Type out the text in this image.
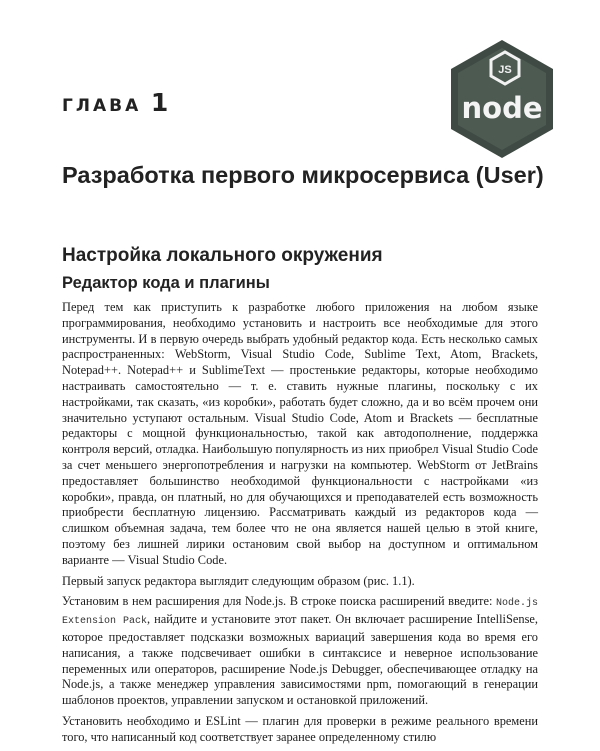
ГЛАВА 1
JS
node
Разработка первого микросервиса (User)
Настройка локального окружения
Редактор кода и плагины

Перед тем как приступить к разработке любого приложения на любом языке программирования, необходимо установить и настроить все необходимые для этого инструменты. И в первую очередь выбрать удобный редактор кода. Есть несколько самых распространенных: WebStorm, Visual Studio Code, Sublime Text, Atom, Brackets, Notepad++. Notepad++ и SublimeText — простенькие редакторы, которые необходимо настраивать самостоятельно — т. е. ставить нужные плагины, поскольку с их настройками, так сказать, «из коробки», работать будет сложно, да и во всём прочем они значительно уступают остальным. Visual Studio Code, Atom и Brackets — бесплатные редакторы с мощной функциональностью, такой как автодополнение, поддержка контроля версий, отладка. Наибольшую популярность из них приобрел Visual Studio Code за счет меньшего энергопотребления и нагрузки на компьютер. WebStorm от JetBrains предоставляет большинство необходимой функциональности с настройками «из коробки», правда, он платный, но для обучающихся и преподавателей есть возможность приобрести бесплатную лицензию. Рассматривать каждый из редакторов кода — слишком объемная задача, тем более что не она является нашей целью в этой книге, поэтому без лишней лирики остановим свой выбор на доступном и оптимальном варианте — Visual Studio Code.

Первый запуск редактора выглядит следующим образом (рис. 1.1).

Установим в нем расширения для Node.js. В строке поиска расширений введите: Node.js Extension Pack, найдите и установите этот пакет. Он включает расширение IntelliSense, которое предоставляет подсказки возможных вариаций завершения кода во время его написания, а также подсвечивает ошибки в синтаксисе и неверное использование переменных или операторов, расширение Node.js Debugger, обеспечивающее отладку на Node.js, а также менеджер управления зависимостями npm, помогающий в генерации шаблонов проектов, управлении запуском и остановкой приложений.

Установить необходимо и ESLint — плагин для проверки в режиме реального времени того, что написанный код соответствует заранее определенному стилю
